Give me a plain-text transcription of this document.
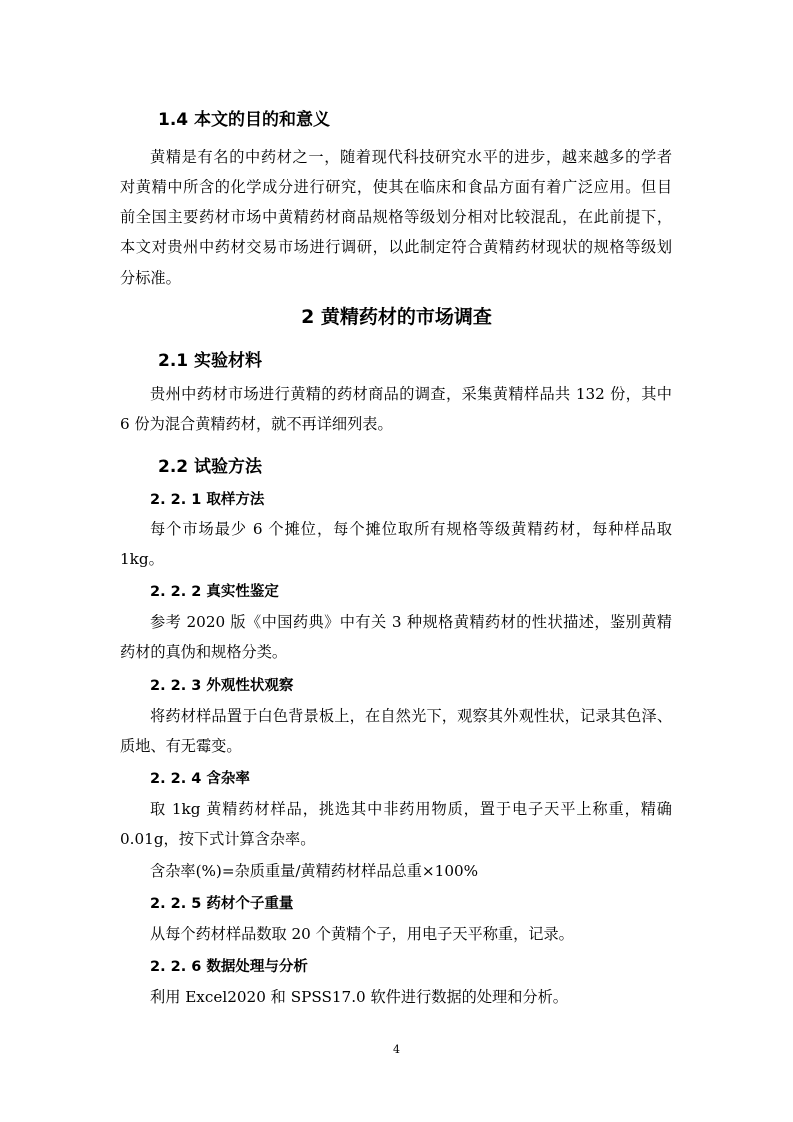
1.4 本文的目的和意义
黄精是有名的中药材之一，随着现代科技研究水平的进步，越来越多的学者
对黄精中所含的化学成分进行研究，使其在临床和食品方面有着广泛应用。但目
前全国主要药材市场中黄精药材商品规格等级划分相对比较混乱，在此前提下，
本文对贵州中药材交易市场进行调研，以此制定符合黄精药材现状的规格等级划
分标准。
2 黄精药材的市场调查
2.1 实验材料
贵州中药材市场进行黄精的药材商品的调查，采集黄精样品共 132 份，其中
6 份为混合黄精药材，就不再详细列表。
2.2 试验方法
2. 2. 1 取样方法
每个市场最少 6 个摊位，每个摊位取所有规格等级黄精药材，每种样品取
1kg。
2. 2. 2 真实性鉴定
参考 2020 版《中国药典》中有关 3 种规格黄精药材的性状描述，鉴别黄精
药材的真伪和规格分类。
2. 2. 3 外观性状观察
将药材样品置于白色背景板上，在自然光下，观察其外观性状，记录其色泽、
质地、有无霉变。
2. 2. 4 含杂率
取 1kg 黄精药材样品，挑选其中非药用物质，置于电子天平上称重，精确
0.01g，按下式计算含杂率。
含杂率(%)=杂质重量/黄精药材样品总重×100%
2. 2. 5 药材个子重量
从每个药材样品数取 20 个黄精个子，用电子天平称重，记录。
2. 2. 6 数据处理与分析
利用 Excel2020 和 SPSS17.0 软件进行数据的处理和分析。
4
